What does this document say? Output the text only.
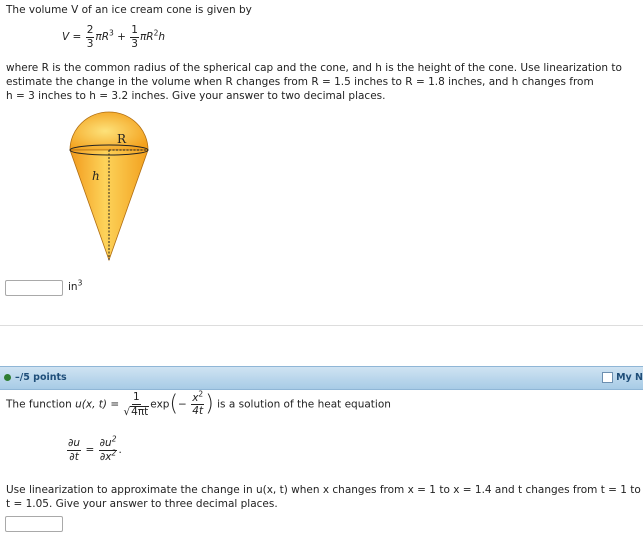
The volume V of an ice cream cone is given by
$V = \frac{2}{3} \pi R^3 + \frac{1}{3} \pi R^2h$
where R is the common radius of the spherical cap and the cone, and h is the height of the cone. Use linearization to
estimate the change in the volume when R changes from R = 1.5 inches to R = 1.8 inches, and h changes from
h = 3 inches to h = 3.2 inches. Give your answer to two decimal places.
R
h
$in^3$
–/5 points	My N
The function u(x, $t) = \frac{1}{√4\pi t} \exp(- \frac{x^2}{4t}$ ) is a solution of the heat equation
$\frac{\partial u}{\partial t} = \frac{\partial u^2}{\partial x^2}$ .
Use linearization to approximate the change in u(x, t) when x changes from x = 1 to x = 1.4 and t changes from t = 1 to
t = 1.05. Give your answer to three decimal places.
